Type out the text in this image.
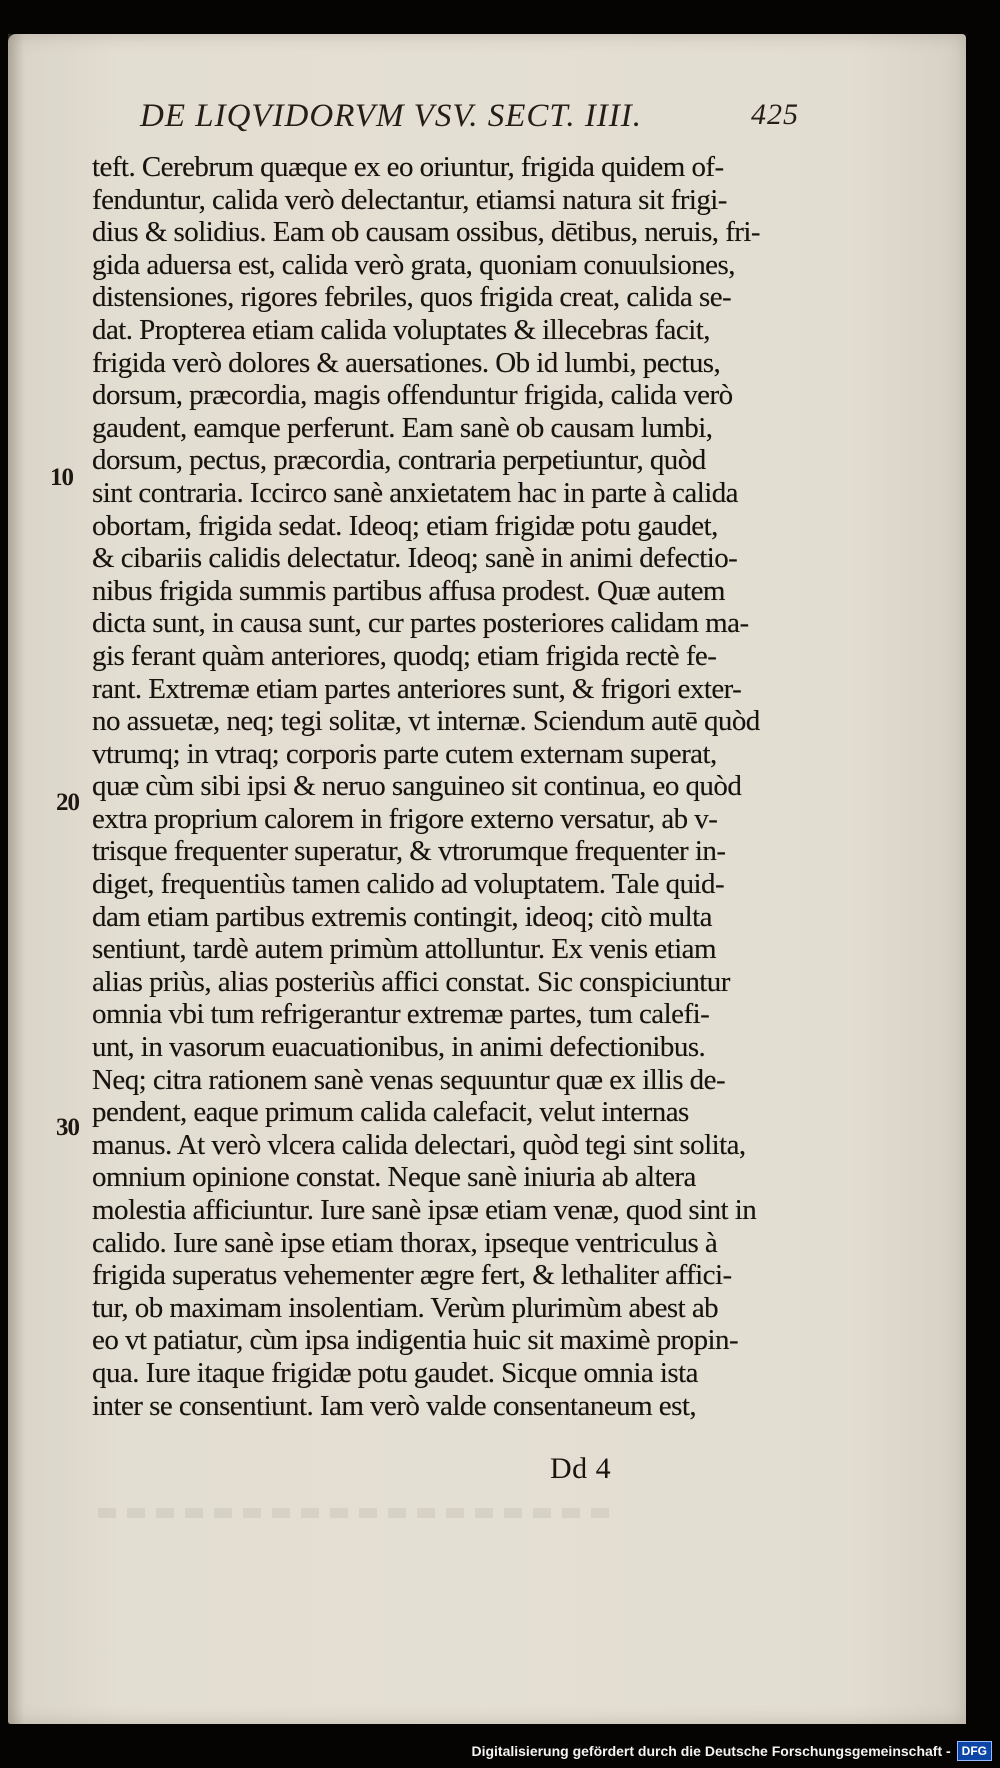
DE LIQVIDORVM VSV. SECT. IIII.	425
10
20
30
teft. Cerebrum quæque ex eo oriuntur, frigida quidem of-
fenduntur, calida verò delectantur, etiamsi natura sit frigi-
dius & solidius. Eam ob causam ossibus, dētibus, neruis, fri-
gida aduersa est, calida verò grata, quoniam conuulsiones,
distensiones, rigores febriles, quos frigida creat, calida se-
dat. Propterea etiam calida voluptates & illecebras facit,
frigida verò dolores & auersationes. Ob id lumbi, pectus,
dorsum, præcordia, magis offenduntur frigida, calida verò
gaudent, eamque perferunt. Eam sanè ob causam lumbi,
dorsum, pectus, præcordia, contraria perpetiuntur, quòd
sint contraria. Iccirco sanè anxietatem hac in parte à calida
obortam, frigida sedat. Ideoq; etiam frigidæ potu gaudet,
& cibariis calidis delectatur. Ideoq; sanè in animi defectio-
nibus frigida summis partibus affusa prodest. Quæ autem
dicta sunt, in causa sunt, cur partes posteriores calidam ma-
gis ferant quàm anteriores, quodq; etiam frigida rectè fe-
rant. Extremæ etiam partes anteriores sunt, & frigori exter-
no assuetæ, neq; tegi solitæ, vt internæ. Sciendum autē quòd
vtrumq; in vtraq; corporis parte cutem externam superat,
quæ cùm sibi ipsi & neruo sanguineo sit continua, eo quòd
extra proprium calorem in frigore externo versatur, ab v-
trisque frequenter superatur, & vtrorumque frequenter in-
diget, frequentiùs tamen calido ad voluptatem. Tale quid-
dam etiam partibus extremis contingit, ideoq; citò multa
sentiunt, tardè autem primùm attolluntur. Ex venis etiam
alias priùs, alias posteriùs affici constat. Sic conspiciuntur
omnia vbi tum refrigerantur extremæ partes, tum calefi-
unt, in vasorum euacuationibus, in animi defectionibus.
Neq; citra rationem sanè venas sequuntur quæ ex illis de-
pendent, eaque primum calida calefacit, velut internas
manus. At verò vlcera calida delectari, quòd tegi sint solita,
omnium opinione constat. Neque sanè iniuria ab altera
molestia afficiuntur. Iure sanè ipsæ etiam venæ, quod sint in
calido. Iure sanè ipse etiam thorax, ipseque ventriculus à
frigida superatus vehementer ægre fert, & lethaliter affici-
tur, ob maximam insolentiam. Verùm plurimùm abest ab
eo vt patiatur, cùm ipsa indigentia huic sit maximè propin-
qua. Iure itaque frigidæ potu gaudet. Sicque omnia ista
inter se consentiunt. Iam verò valde consentaneum est,
Dd 4
Digitalisierung gefördert durch die Deutsche Forschungsgemeinschaft - DFG
